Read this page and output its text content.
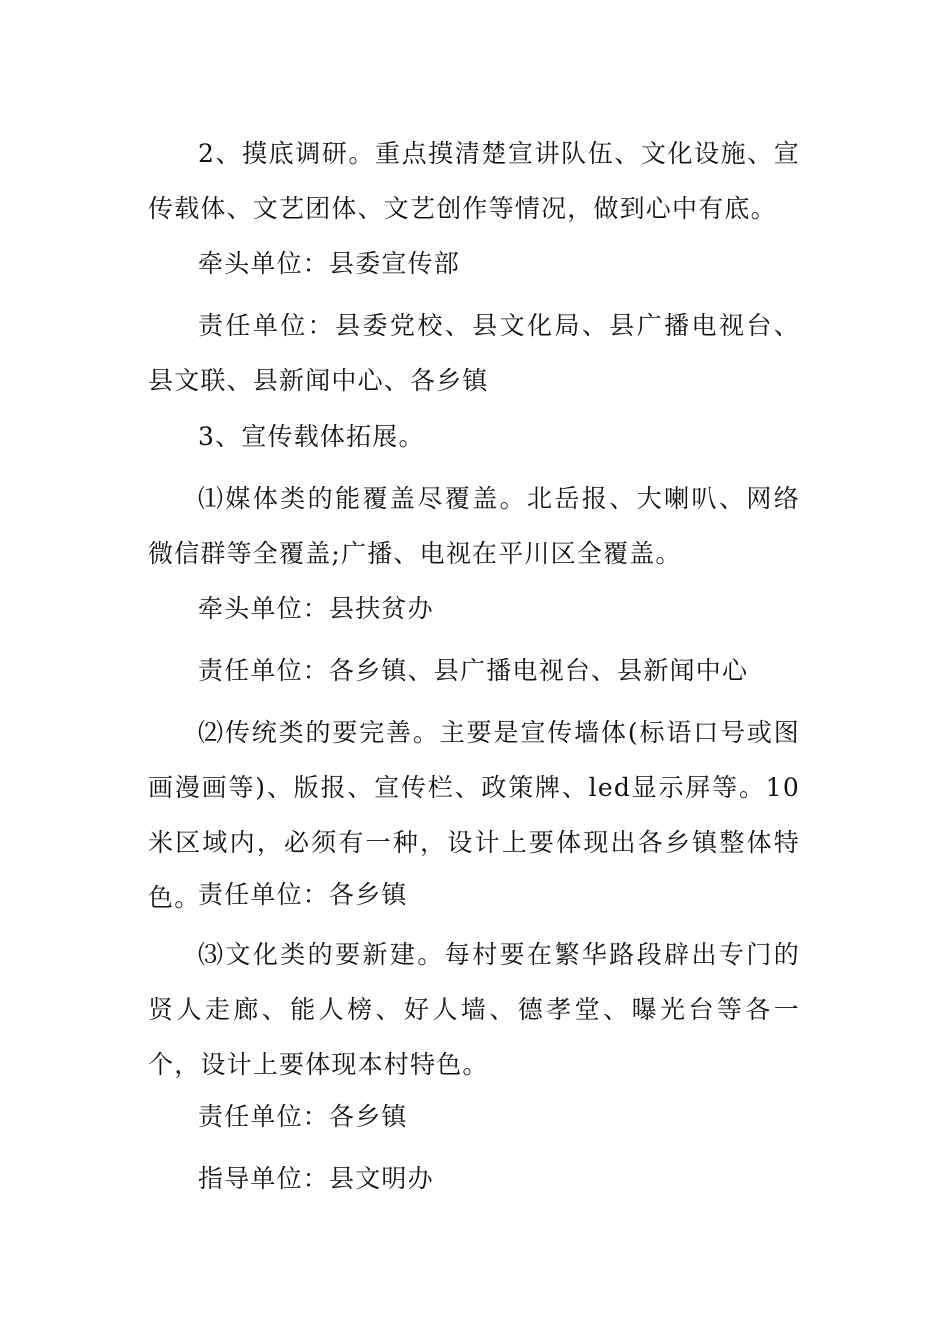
2、摸底调研。重点摸清楚宣讲队伍、文化设施、宣传载体、文艺团体、文艺创作等情况，做到心中有底。

牵头单位：县委宣传部

责任单位：县委党校、县文化局、县广播电视台、县文联、县新闻中心、各乡镇

3、宣传载体拓展。

⑴媒体类的能覆盖尽覆盖。北岳报、大喇叭、网络微信群等全覆盖;广播、电视在平川区全覆盖。

牵头单位：县扶贫办

责任单位：各乡镇、县广播电视台、县新闻中心

⑵传统类的要完善。主要是宣传墙体(标语口号或图画漫画等)、版报、宣传栏、政策牌、led显示屏等。10米区域内，必须有一种，设计上要体现出各乡镇整体特色。

责任单位：各乡镇

⑶文化类的要新建。每村要在繁华路段辟出专门的贤人走廊、能人榜、好人墙、德孝堂、曝光台等各一个，设计上要体现本村特色。

责任单位：各乡镇

指导单位：县文明办
